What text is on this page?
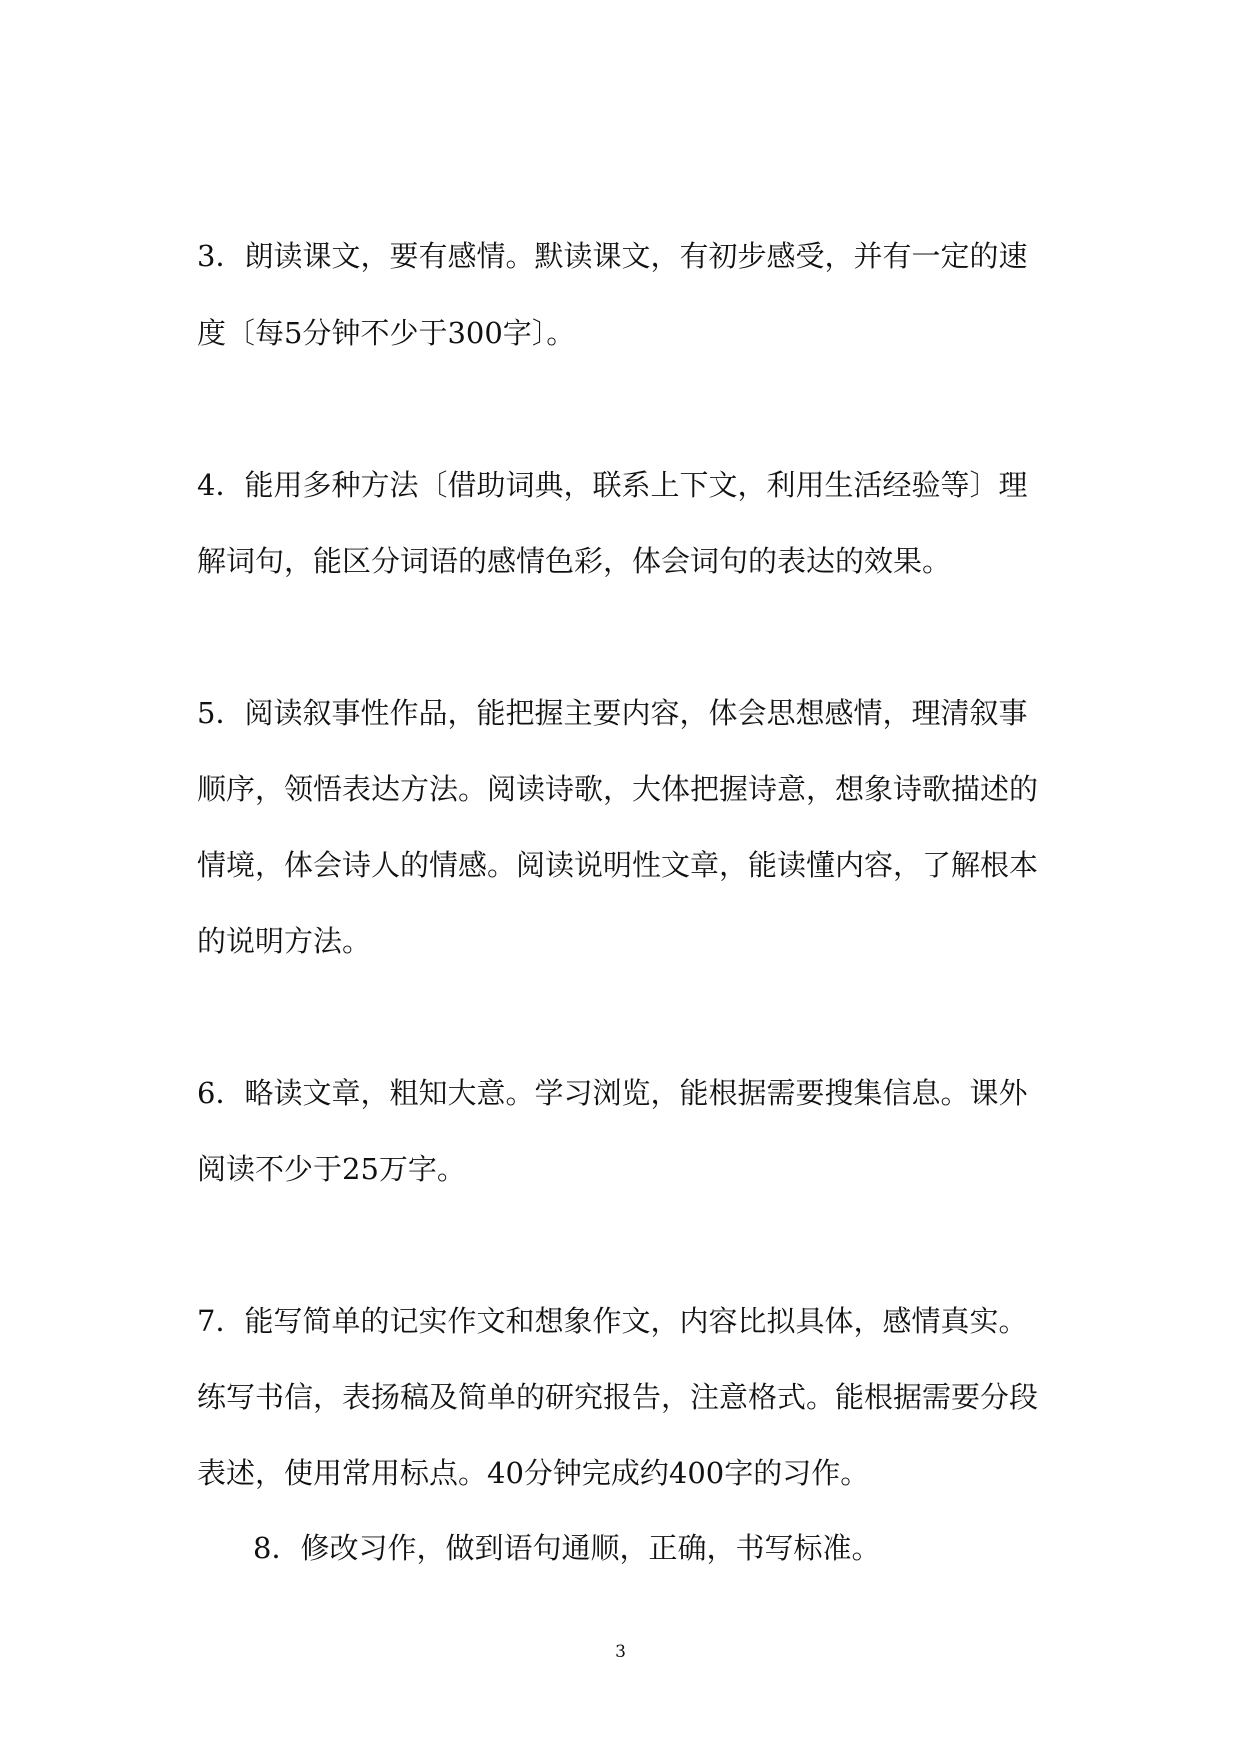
3．朗读课文，要有感情。默读课文，有初步感受，并有一定的速

度〔每5分钟不少于300字〕。

4．能用多种方法〔借助词典，联系上下文，利用生活经验等〕理

解词句，能区分词语的感情色彩，体会词句的表达的效果。

5．阅读叙事性作品，能把握主要内容，体会思想感情，理清叙事

顺序，领悟表达方法。阅读诗歌，大体把握诗意，想象诗歌描述的

情境，体会诗人的情感。阅读说明性文章，能读懂内容，了解根本

的说明方法。

6．略读文章，粗知大意。学习浏览，能根据需要搜集信息。课外

阅读不少于25万字。

7．能写简单的记实作文和想象作文，内容比拟具体，感情真实。

练写书信，表扬稿及简单的研究报告，注意格式。能根据需要分段

表述，使用常用标点。40分钟完成约400字的习作。

8．修改习作，做到语句通顺，正确，书写标准。

3
